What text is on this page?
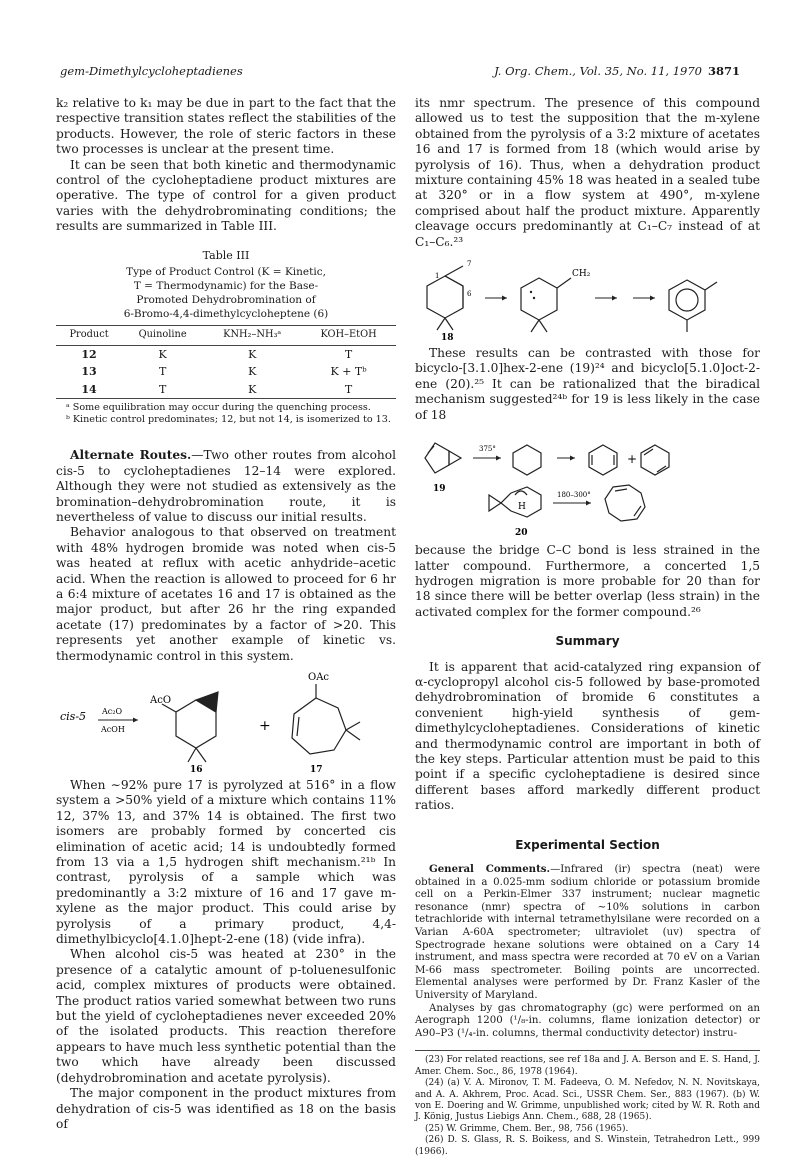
gem-Dimethylcycloheptadienes	J. Org. Chem., Vol. 35, No. 11, 1970 3871

k₂ relative to k₁ may be due in part to the fact that the respective transition states reflect the stabilities of the products. However, the role of steric factors in these two processes is unclear at the present time.

It can be seen that both kinetic and thermodynamic control of the cycloheptadiene product mixtures are operative. The type of control for a given product varies with the dehydrobrominating conditions; the results are summarized in Table III.

Table III
Type of Product Control (K = Kinetic,
T = Thermodynamic) for the Base-
Promoted Dehydrobromination of
6-Bromo-4,4-dimethylcycloheptene (6)
Product	Quinoline	KNH₂–NH₃ᵃ	KOH–EtOH
12	K	K	T
13	T	K	K + Tᵇ
14	T	K	T

ᵃ Some equilibration may occur during the quenching process.

ᵇ Kinetic control predominates; 12, but not 14, is isomerized to 13.

Alternate Routes.—Two other routes from alcohol cis-5 to cycloheptadienes 12–14 were explored. Although they were not studied as extensively as the bromination–dehydrobromination route, it is nevertheless of value to discuss our initial results.

Behavior analogous to that observed on treatment with 48% hydrogen bromide was noted when cis-5 was heated at reflux with acetic anhydride–acetic acid. When the reaction is allowed to proceed for 6 hr a 6:4 mixture of acetates 16 and 17 is obtained as the major product, but after 26 hr the ring expanded acetate (17) predominates by a factor of >20. This represents yet another example of kinetic vs. thermodynamic control in this system.

cis-5 Ac₂O
AcOH
AcO
+
OAc
16	17

When ∼92% pure 17 is pyrolyzed at 516° in a flow system a >50% yield of a mixture which contains 11% 12, 37% 13, and 37% 14 is obtained. The first two isomers are probably formed by concerted cis elimination of acetic acid; 14 is undoubtedly formed from 13 via a 1,5 hydrogen shift mechanism.²¹ᵇ In contrast, pyrolysis of a sample which was predominantly a 3:2 mixture of 16 and 17 gave m-xylene as the major product. This could arise by pyrolysis of a primary product, 4,4-dimethylbicyclo[4.1.0]hept-2-ene (18) (vide infra).

When alcohol cis-5 was heated at 230° in the presence of a catalytic amount of p-toluenesulfonic acid, complex mixtures of products were obtained. The product ratios varied somewhat between two runs but the yield of cycloheptadienes never exceeded 20% of the isolated products. This reaction therefore appears to have much less synthetic potential than the two which have already been discussed (dehydrobromination and acetate pyrolysis).

The major component in the product mixtures from dehydration of cis-5 was identified as 18 on the basis of

its nmr spectrum. The presence of this compound allowed us to test the supposition that the m-xylene obtained from the pyrolysis of a 3:2 mixture of acetates 16 and 17 is formed from 18 (which would arise by pyrolysis of 16). Thus, when a dehydration product mixture containing 45% 18 was heated in a sealed tube at 320° or in a flow system at 490°, m-xylene comprised about half the product mixture. Apparently cleavage occurs predominantly at C₁–C₇ instead of at C₁–C₆.²³

7
1
6
CH₂
18

These results can be contrasted with those for bicyclo-[3.1.0]hex-2-ene (19)²⁴ and bicyclo[5.1.0]oct-2-ene (20).²⁵ It can be rationalized that the biradical mechanism suggested²⁴ᵇ for 19 is less likely in the case of 18

19
375°
+
H
20
180–300°

because the bridge C–C bond is less strained in the latter compound. Furthermore, a concerted 1,5 hydrogen migration is more probable for 20 than for 18 since there will be better overlap (less strain) in the activated complex for the former compound.²⁶

Summary

It is apparent that acid-catalyzed ring expansion of α-cyclopropyl alcohol cis-5 followed by base-promoted dehydrobromination of bromide 6 constitutes a convenient high-yield synthesis of gem-dimethylcycloheptadienes. Considerations of kinetic and thermodynamic control are important in both of the key steps. Particular attention must be paid to this point if a specific cycloheptadiene is desired since different bases afford markedly different product ratios.

Experimental Section

General Comments.—Infrared (ir) spectra (neat) were obtained in a 0.025-mm sodium chloride or potassium bromide cell on a Perkin-Elmer 337 instrument; nuclear magnetic resonance (nmr) spectra of ∼10% solutions in carbon tetrachloride with internal tetramethylsilane were recorded on a Varian A-60A spectrometer; ultraviolet (uv) spectra of Spectrograde hexane solutions were obtained on a Cary 14 instrument, and mass spectra were recorded at 70 eV on a Varian M-66 mass spectrometer. Boiling points are uncorrected. Elemental analyses were performed by Dr. Franz Kasler of the University of Maryland.

Analyses by gas chromatography (gc) were performed on an Aerograph 1200 (¹/₈-in. columns, flame ionization detector) or A90–P3 (¹/₄-in. columns, thermal conductivity detector) instru-

(23) For related reactions, see ref 18a and J. A. Berson and E. S. Hand, J. Amer. Chem. Soc., 86, 1978 (1964).
(24) (a) V. A. Mironov, T. M. Fadeeva, O. M. Nefedov, N. N. Novitskaya, and A. A. Akhrem, Proc. Acad. Sci., USSR Chem. Ser., 883 (1967). (b) W. von E. Doering and W. Grimme, unpublished work; cited by W. R. Roth and J. König, Justus Liebigs Ann. Chem., 688, 28 (1965).
(25) W. Grimme, Chem. Ber., 98, 756 (1965).
(26) D. S. Glass, R. S. Boikess, and S. Winstein, Tetrahedron Lett., 999 (1966).
